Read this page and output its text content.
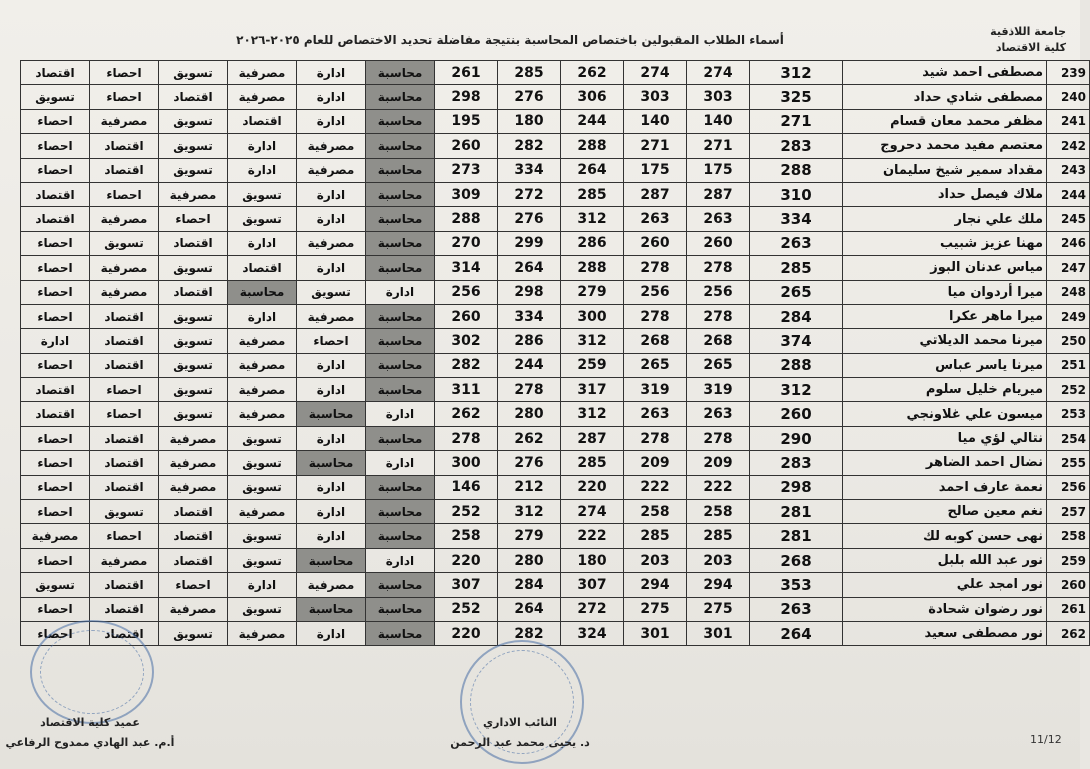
جامعة اللاذقية
كلية الاقتصاد
أسماء الطلاب المقبولين باختصاص المحاسبة بنتيجة مفاضلة تحديد الاختصاص للعام ٢٠٢٥-٢٠٢٦
239	مصطفى احمد شيد	312	274	274	262	285	261	محاسبة	ادارة	مصرفية	تسويق	احصاء	اقتصاد
240	مصطفى شادي حداد	325	303	303	306	276	298	محاسبة	ادارة	مصرفية	اقتصاد	احصاء	تسويق
241	مظفر محمد معان قسام	271	140	140	244	180	195	محاسبة	ادارة	اقتصاد	تسويق	مصرفية	احصاء
242	معتصم مفيد محمد دحروج	283	271	271	288	282	260	محاسبة	مصرفية	ادارة	تسويق	اقتصاد	احصاء
243	مقداد سمير شيخ سليمان	288	175	175	264	334	273	محاسبة	مصرفية	ادارة	تسويق	اقتصاد	احصاء
244	ملاك فيصل حداد	310	287	287	285	272	309	محاسبة	ادارة	تسويق	مصرفية	احصاء	اقتصاد
245	ملك علي نجار	334	263	263	312	276	288	محاسبة	ادارة	تسويق	احصاء	مصرفية	اقتصاد
246	مهنا عزيز شبيب	263	260	260	286	299	270	محاسبة	مصرفية	ادارة	اقتصاد	تسويق	احصاء
247	مياس عدنان البوز	285	278	278	288	264	314	محاسبة	ادارة	اقتصاد	تسويق	مصرفية	احصاء
248	ميرا أردوان ميا	265	256	256	279	298	256	ادارة	تسويق	محاسبة	اقتصاد	مصرفية	احصاء
249	ميرا ماهر عكرا	284	278	278	300	334	260	محاسبة	مصرفية	ادارة	تسويق	اقتصاد	احصاء
250	ميرنا محمد الديلاتي	374	268	268	312	286	302	محاسبة	احصاء	مصرفية	تسويق	اقتصاد	ادارة
251	ميرنا ياسر عباس	288	265	265	259	244	282	محاسبة	ادارة	مصرفية	تسويق	اقتصاد	احصاء
252	ميريام خليل سلوم	312	319	319	317	278	311	محاسبة	ادارة	مصرفية	تسويق	احصاء	اقتصاد
253	ميسون علي غلاونجي	260	263	263	312	280	262	ادارة	محاسبة	مصرفية	تسويق	احصاء	اقتصاد
254	نتالي لؤي ميا	290	278	278	287	262	278	محاسبة	ادارة	تسويق	مصرفية	اقتصاد	احصاء
255	نضال احمد الضاهر	283	209	209	285	276	300	ادارة	محاسبة	تسويق	مصرفية	اقتصاد	احصاء
256	نعمة عارف احمد	298	222	222	220	212	146	محاسبة	ادارة	تسويق	مصرفية	اقتصاد	احصاء
257	نغم معين صالح	281	258	258	274	312	252	محاسبة	ادارة	مصرفية	اقتصاد	تسويق	احصاء
258	نهى حسن كوبه لك	281	285	285	222	279	258	محاسبة	ادارة	تسويق	اقتصاد	احصاء	مصرفية
259	نور عبد الله بلبل	268	203	203	180	280	220	ادارة	محاسبة	تسويق	اقتصاد	مصرفية	احصاء
260	نور امجد علي	353	294	294	307	284	307	محاسبة	مصرفية	ادارة	احصاء	اقتصاد	تسويق
261	نور رضوان شحادة	263	275	275	272	264	252	محاسبة	محاسبة	تسويق	مصرفية	اقتصاد	احصاء
262	نور مصطفى سعيد	264	301	301	324	282	220	محاسبة	ادارة	مصرفية	تسويق	اقتصاد	احصاء
النائب الاداري
د. يحيى محمد عبد الرحمن
عميد كلية الاقتصاد
أ.م. عبد الهادي ممدوح الرفاعي	11/12
